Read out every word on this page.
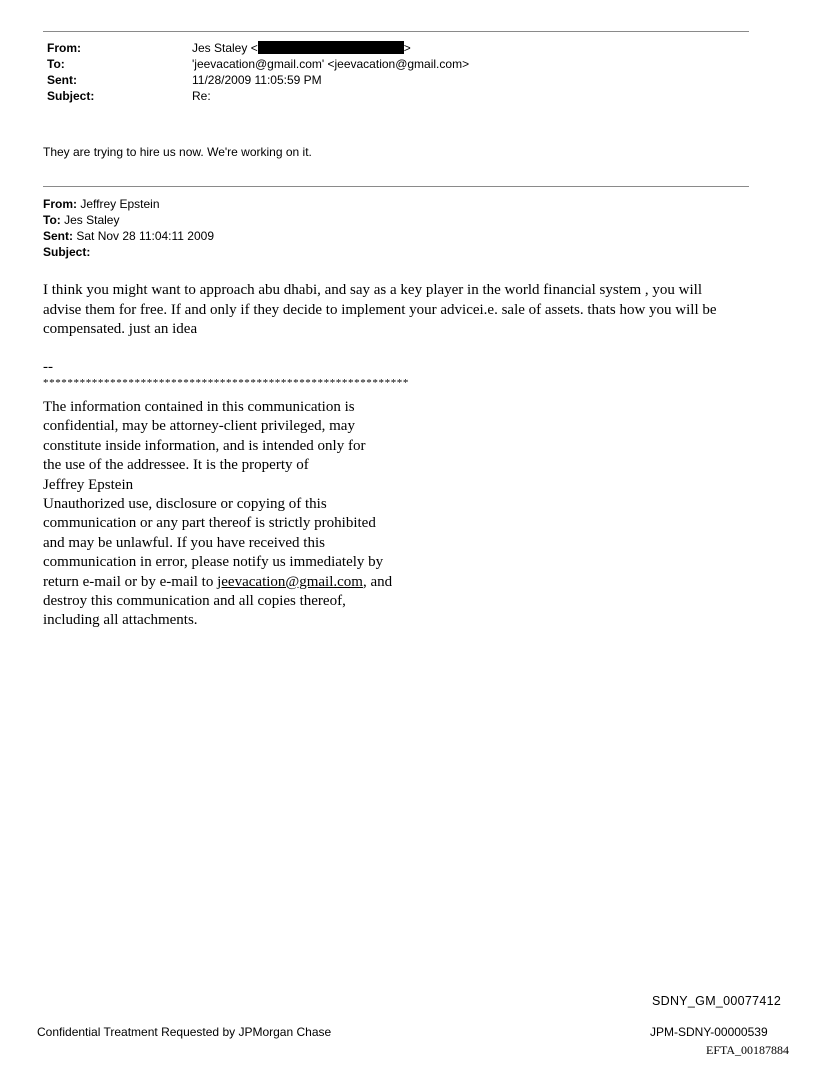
From:	Jes Staley <	>
To:	'jeevacation@gmail.com' <jeevacation@gmail.com>
Sent:	11/28/2009 11:05:59 PM
Subject:	Re:
They are trying to hire us now. We're working on it.
From: Jeffrey Epstein
To: Jes Staley
Sent: Sat Nov 28 11:04:11 2009
Subject:
I think you might want to approach abu dhabi, and say as a key player in the world financial system , you will
advise them for free. If and only if they decide to implement your advicei.e. sale of assets. thats how you will be
compensated. just an idea
--
************************************************************
The information contained in this communication is
confidential, may be attorney-client privileged, may
constitute inside information, and is intended only for
the use of the addressee. It is the property of
Jeffrey Epstein
Unauthorized use, disclosure or copying of this
communication or any part thereof is strictly prohibited
and may be unlawful. If you have received this
communication in error, please notify us immediately by
return e-mail or by e-mail to jeevacation@gmail.com, and
destroy this communication and all copies thereof,
including all attachments.
SDNY_GM_00077412
Confidential Treatment Requested by JPMorgan Chase	JPM-SDNY-00000539
EFTA_00187884
